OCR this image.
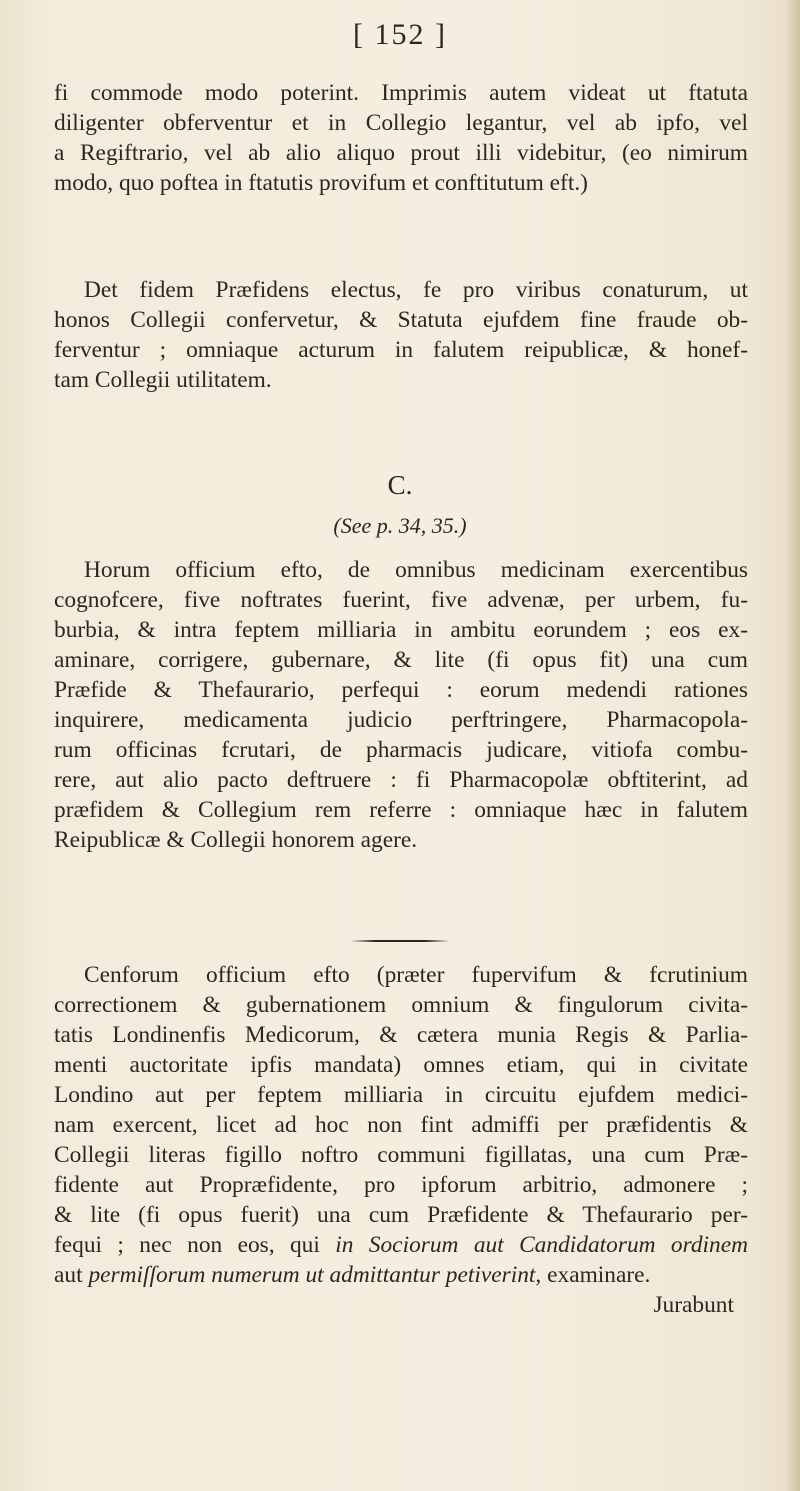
[ 152 ]
fi commode modo poterint. Imprimis autem videat ut ftatuta
diligenter obferventur et in Collegio legantur, vel ab ipfo, vel
a Regiftrario, vel ab alio aliquo prout illi videbitur, (eo nimirum
modo, quo poftea in ftatutis provifum et conftitutum eft.)
Det fidem Præfidens electus, fe pro viribus conaturum, ut
honos Collegii confervetur, & Statuta ejufdem fine fraude ob-
ferventur ; omniaque acturum in falutem reipublicæ, & honef-
tam Collegii utilitatem.
C.
(See p. 34, 35.)
Horum officium efto, de omnibus medicinam exercentibus
cognofcere, five noftrates fuerint, five advenæ, per urbem, fu-
burbia, & intra feptem milliaria in ambitu eorundem ; eos ex-
aminare, corrigere, gubernare, & lite (fi opus fit) una cum
Præfide & Thefaurario, perfequi : eorum medendi rationes
inquirere, medicamenta judicio perftringere, Pharmacopola-
rum officinas fcrutari, de pharmacis judicare, vitiofa combu-
rere, aut alio pacto deftruere : fi Pharmacopolæ obftiterint, ad
præfidem & Collegium rem referre : omniaque hæc in falutem
Reipublicæ & Collegii honorem agere.
Cenforum officium efto (præter fupervifum & fcrutinium
correctionem & gubernationem omnium & fingulorum civita-
tatis Londinenfis Medicorum, & cætera munia Regis & Parlia-
menti auctoritate ipfis mandata) omnes etiam, qui in civitate
Londino aut per feptem milliaria in circuitu ejufdem medici-
nam exercent, licet ad hoc non fint admiffi per præfidentis &
Collegii literas figillo noftro communi figillatas, una cum Præ-
fidente aut Propræfidente, pro ipforum arbitrio, admonere ;
& lite (fi opus fuerit) una cum Præfidente & Thefaurario per-
fequi ; nec non eos, qui in Sociorum aut Candidatorum ordinem
aut permiſſorum numerum ut admittantur petiverint, examinare.
Jurabunt
